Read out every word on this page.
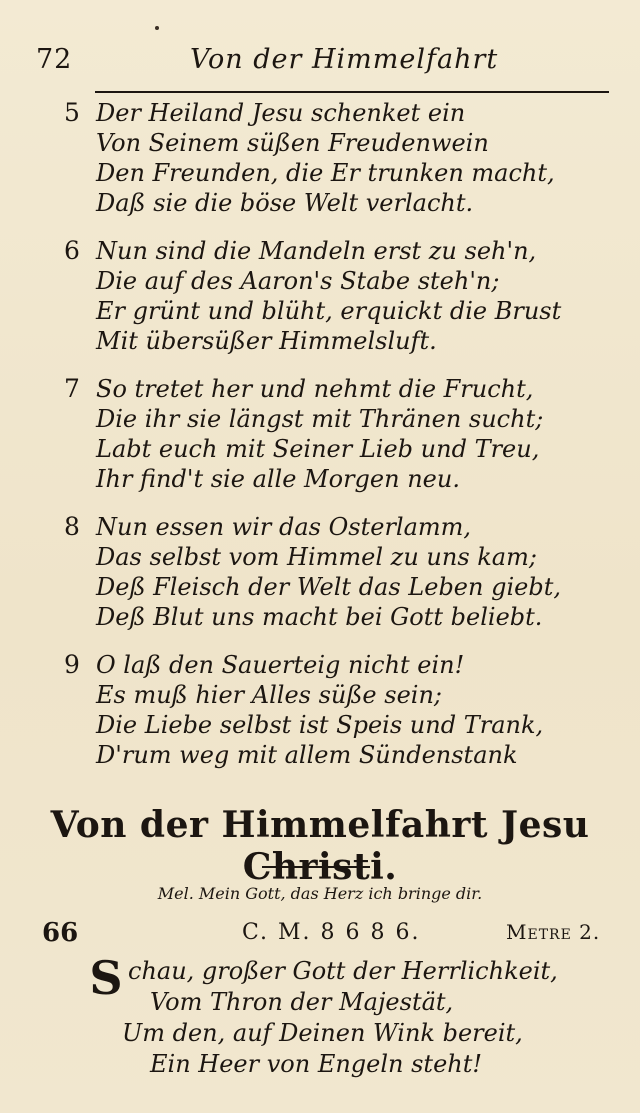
72	Von der Himmelfahrt
5 Der Heiland Jesu schenket ein
Von Seinem süßen Freudenwein
Den Freunden, die Er trunken macht,
Daß sie die böse Welt verlacht.
6 Nun sind die Mandeln erst zu seh'n,
Die auf des Aaron's Stabe steh'n;
Er grünt und blüht, erquickt die Brust
Mit übersüßer Himmelsluft.
7 So tretet her und nehmt die Frucht,
Die ihr sie längst mit Thränen sucht;
Labt euch mit Seiner Lieb und Treu,
Ihr find't sie alle Morgen neu.
8 Nun essen wir das Osterlamm,
Das selbst vom Himmel zu uns kam;
Deß Fleisch der Welt das Leben giebt,
Deß Blut uns macht bei Gott beliebt.
9 O laß den Sauerteig nicht ein!
Es muß hier Alles süße sein;
Die Liebe selbst ist Speis und Trank,
D'rum weg mit allem Sündenstank
Von der Himmelfahrt Jesu Christi.
Mel. Mein Gott, das Herz ich bringe dir.
66	C. M. 8 6 8 6.	Metre 2.
S chau, großer Gott der Herrlichkeit,
Vom Thron der Majestät,
Um den, auf Deinen Wink bereit,
Ein Heer von Engeln steht!
